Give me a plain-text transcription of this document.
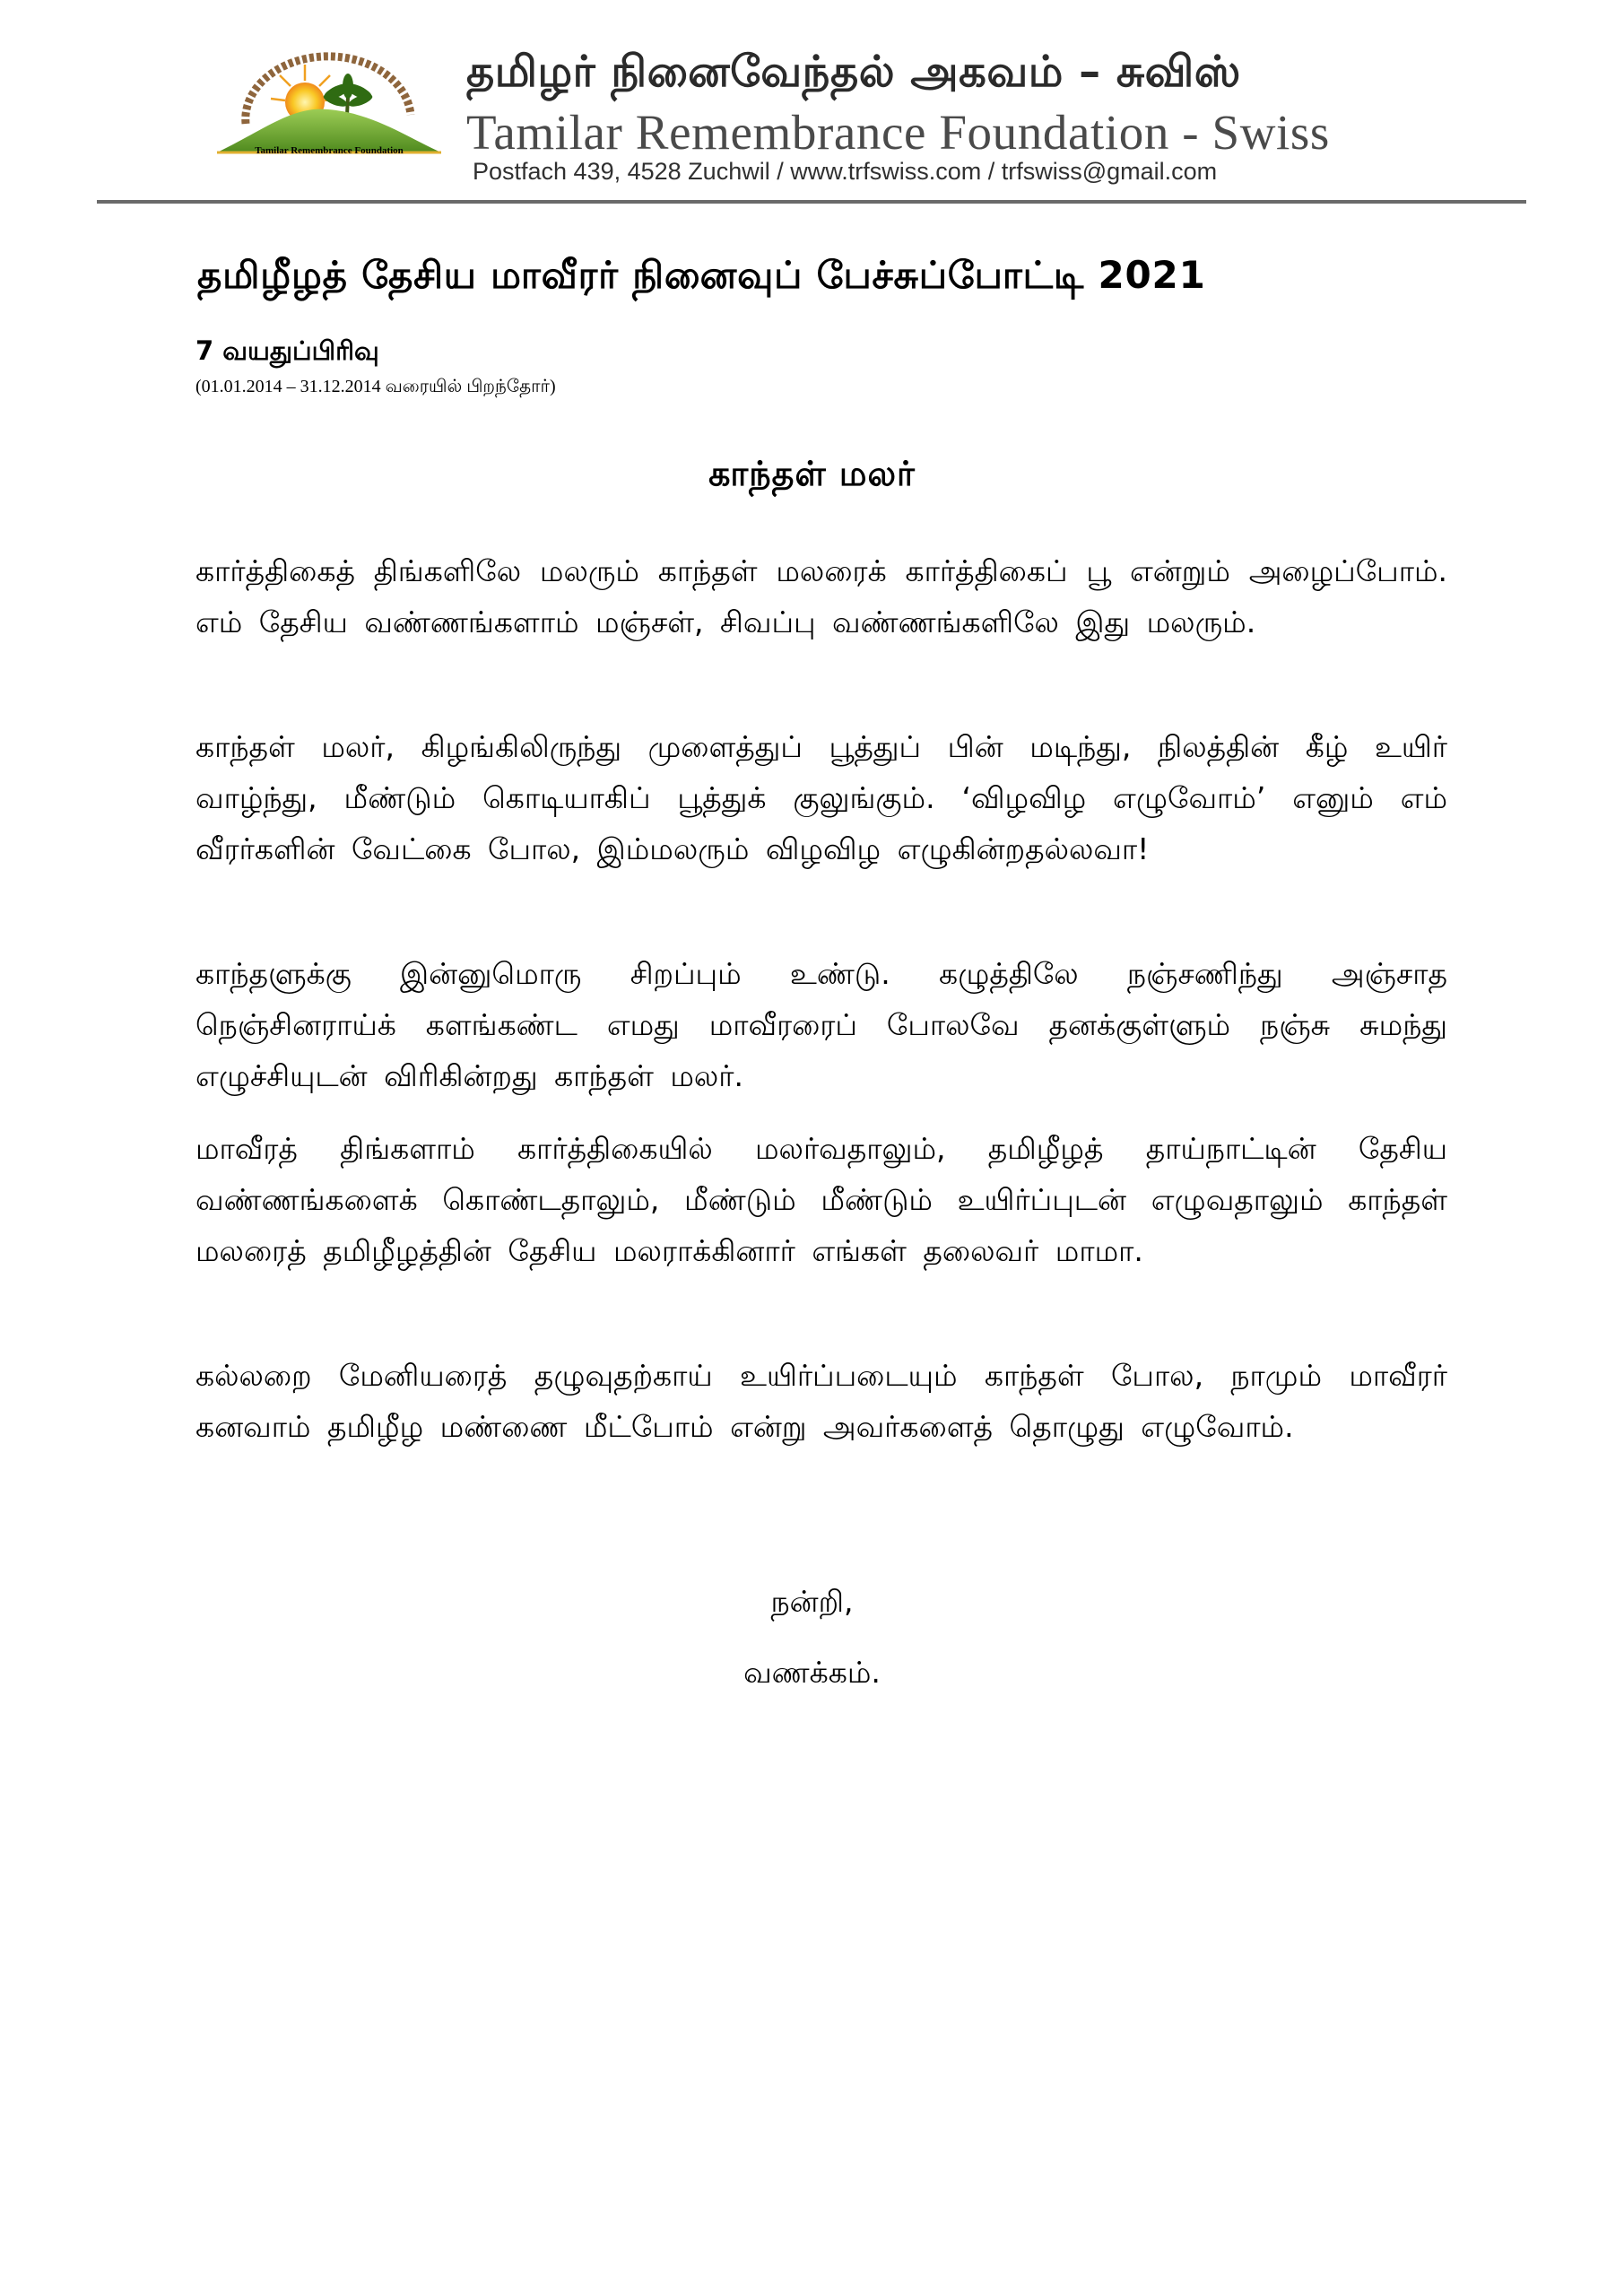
Tamilar Remembrance Foundation
தமிழர் நினைவேந்தல் அகவம் – சுவிஸ்
Tamilar Remembrance Foundation - Swiss
Postfach 439, 4528 Zuchwil / www.trfswiss.com / trfswiss@gmail.com
தமிழீழத் தேசிய மாவீரர் நினைவுப் பேச்சுப்போட்டி 2021
7 வயதுப்பிரிவு
(01.01.2014 – 31.12.2014 வரையில் பிறந்தோர்)
காந்தள் மலர்

கார்த்திகைத் திங்களிலே மலரும் காந்தள் மலரைக் கார்த்திகைப் பூ என்றும் அழைப்போம். எம் தேசிய வண்ணங்களாம் மஞ்சள், சிவப்பு வண்ணங்களிலே இது மலரும்.

காந்தள் மலர், கிழங்கிலிருந்து முளைத்துப் பூத்துப் பின் மடிந்து, நிலத்தின் கீழ் உயிர் வாழ்ந்து, மீண்டும் கொடியாகிப் பூத்துக் குலுங்கும். ‘விழவிழ எழுவோம்’ எனும் எம் வீரர்களின் வேட்கை போல, இம்மலரும் விழவிழ எழுகின்றதல்லவா!

காந்தளுக்கு இன்னுமொரு சிறப்பும் உண்டு. கழுத்திலே நஞ்சணிந்து அஞ்சாத நெஞ்சினராய்க் களங்கண்ட எமது மாவீரரைப் போலவே தனக்குள்ளும் நஞ்சு சுமந்து எழுச்சியுடன் விரிகின்றது காந்தள் மலர்.

மாவீரத் திங்களாம் கார்த்திகையில் மலர்வதாலும், தமிழீழத் தாய்நாட்டின் தேசிய வண்ணங்களைக் கொண்டதாலும், மீண்டும் மீண்டும் உயிர்ப்புடன் எழுவதாலும் காந்தள் மலரைத் தமிழீழத்தின் தேசிய மலராக்கினார் எங்கள் தலைவர் மாமா.

கல்லறை மேனியரைத் தழுவுதற்காய் உயிர்ப்படையும் காந்தள் போல, நாமும் மாவீரர் கனவாம் தமிழீழ மண்ணை மீட்போம் என்று அவர்களைத் தொழுது எழுவோம்.

நன்றி,
வணக்கம்.
